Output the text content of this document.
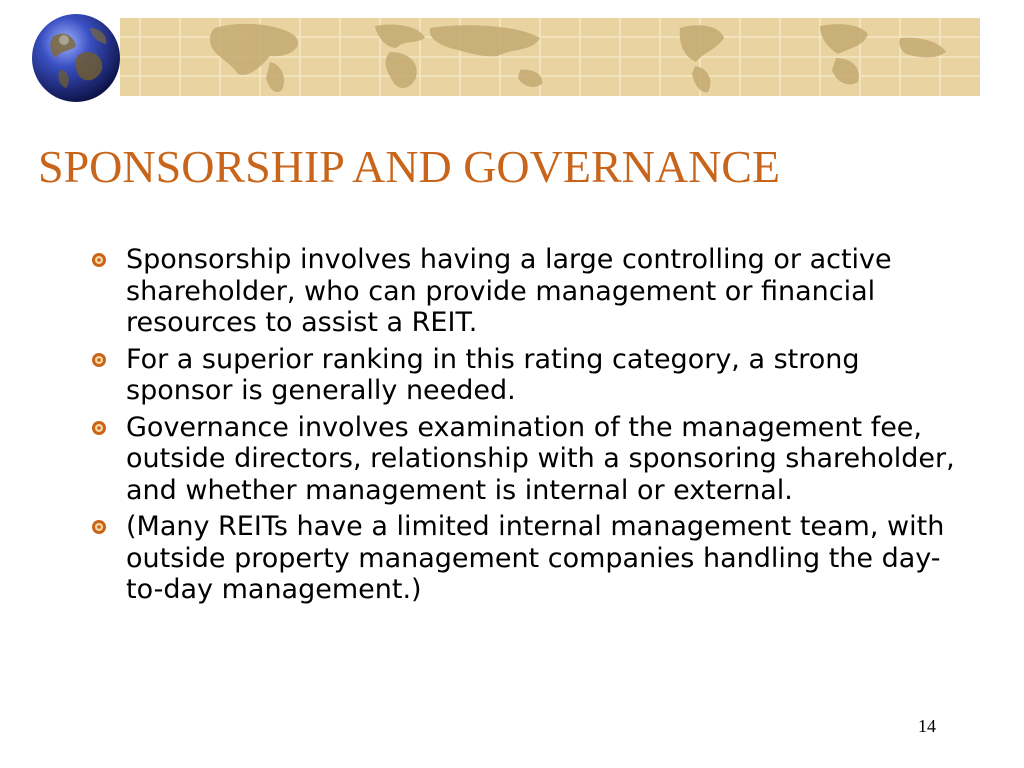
SPONSORSHIP AND GOVERNANCE
Sponsorship involves having a large controlling or active shareholder, who can provide management or financial resources to assist a REIT.
For a superior ranking in this rating category, a strong sponsor is generally needed.
Governance involves examination of the management fee, outside directors, relationship with a sponsoring shareholder, and whether management is internal or external.
(Many REITs have a limited internal management team, with outside property management companies handling the day-to-day management.)
14
